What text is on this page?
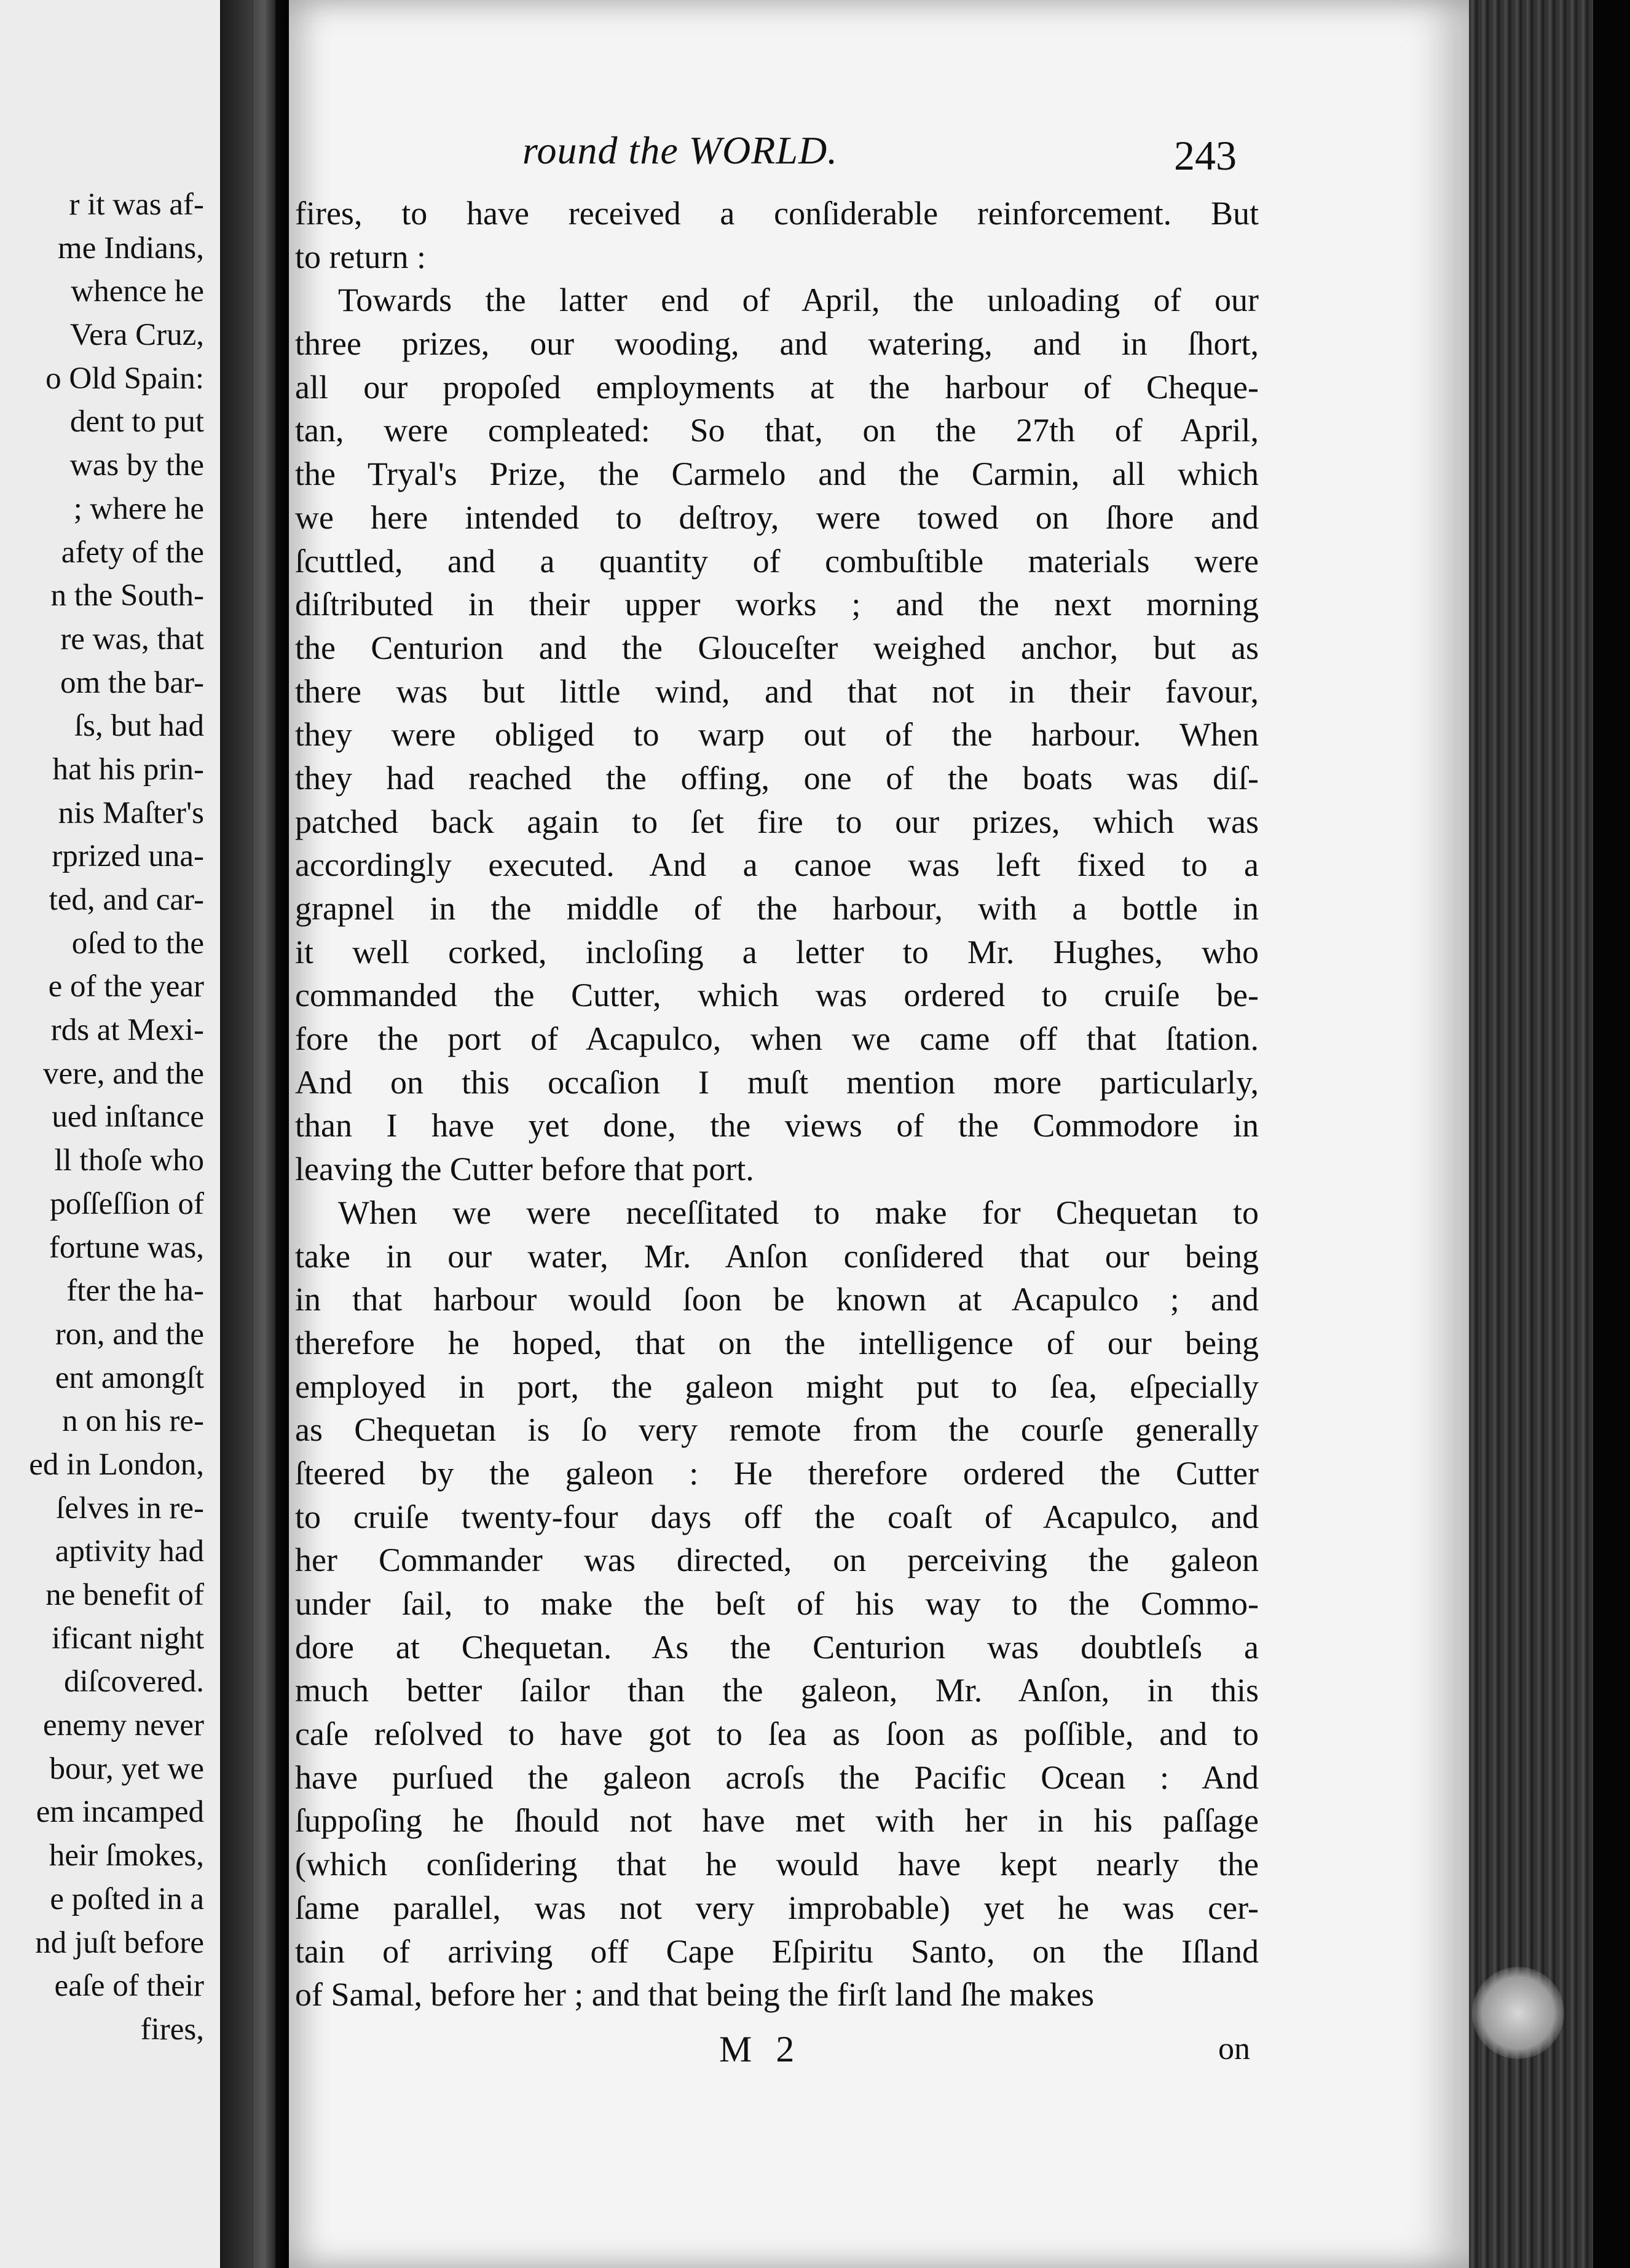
r it was af-
me Indians,
whence he
Vera Cruz,
o Old Spain:
dent to put
was by the
; where he
afety of the
n the South-
re was, that
om the bar-
ſs, but had
hat his prin-
nis Maſter's
rprized una-
ted, and car-
oſed to the
e of the year
rds at Mexi-
vere, and the
ued inſtance
ll thoſe who
poſſeſſion of
fortune was,
fter the ha-
ron, and the
ent amongſt
n on his re-
ed in London,
ſelves in re-
aptivity had
ne benefit of
ificant night
diſcovered.
enemy never
bour, yet we
em incamped
heir ſmokes,
e poſted in a
nd juſt before
eaſe of their
fires,
round the WORLD.	243
fires, to have received a conſiderable reinforcement. But
to return :
Towards the latter end of April, the unloading of our
three prizes, our wooding, and watering, and in ſhort,
all our propoſed employments at the harbour of Cheque-
tan, were compleated: So that, on the 27th of April,
the Tryal's Prize, the Carmelo and the Carmin, all which
we here intended to deſtroy, were towed on ſhore and
ſcuttled, and a quantity of combuſtible materials were
diſtributed in their upper works ; and the next morning
the Centurion and the Glouceſter weighed anchor, but as
there was but little wind, and that not in their favour,
they were obliged to warp out of the harbour. When
they had reached the offing, one of the boats was diſ-
patched back again to ſet fire to our prizes, which was
accordingly executed. And a canoe was left fixed to a
grapnel in the middle of the harbour, with a bottle in
it well corked, incloſing a letter to Mr. Hughes, who
commanded the Cutter, which was ordered to cruiſe be-
fore the port of Acapulco, when we came off that ſtation.
And on this occaſion I muſt mention more particularly,
than I have yet done, the views of the Commodore in
leaving the Cutter before that port.
When we were neceſſitated to make for Chequetan to
take in our water, Mr. Anſon conſidered that our being
in that harbour would ſoon be known at Acapulco ; and
therefore he hoped, that on the intelligence of our being
employed in port, the galeon might put to ſea, eſpecially
as Chequetan is ſo very remote from the courſe generally
ſteered by the galeon : He therefore ordered the Cutter
to cruiſe twenty-four days off the coaſt of Acapulco, and
her Commander was directed, on perceiving the galeon
under ſail, to make the beſt of his way to the Commo-
dore at Chequetan. As the Centurion was doubtleſs a
much better ſailor than the galeon, Mr. Anſon, in this
caſe reſolved to have got to ſea as ſoon as poſſible, and to
have purſued the galeon acroſs the Pacific Ocean : And
ſuppoſing he ſhould not have met with her in his paſſage
(which conſidering that he would have kept nearly the
ſame parallel, was not very improbable) yet he was cer-
tain of arriving off Cape Eſpiritu Santo, on the Iſland
of Samal, before her ; and that being the firſt land ſhe makes
M 2	on
